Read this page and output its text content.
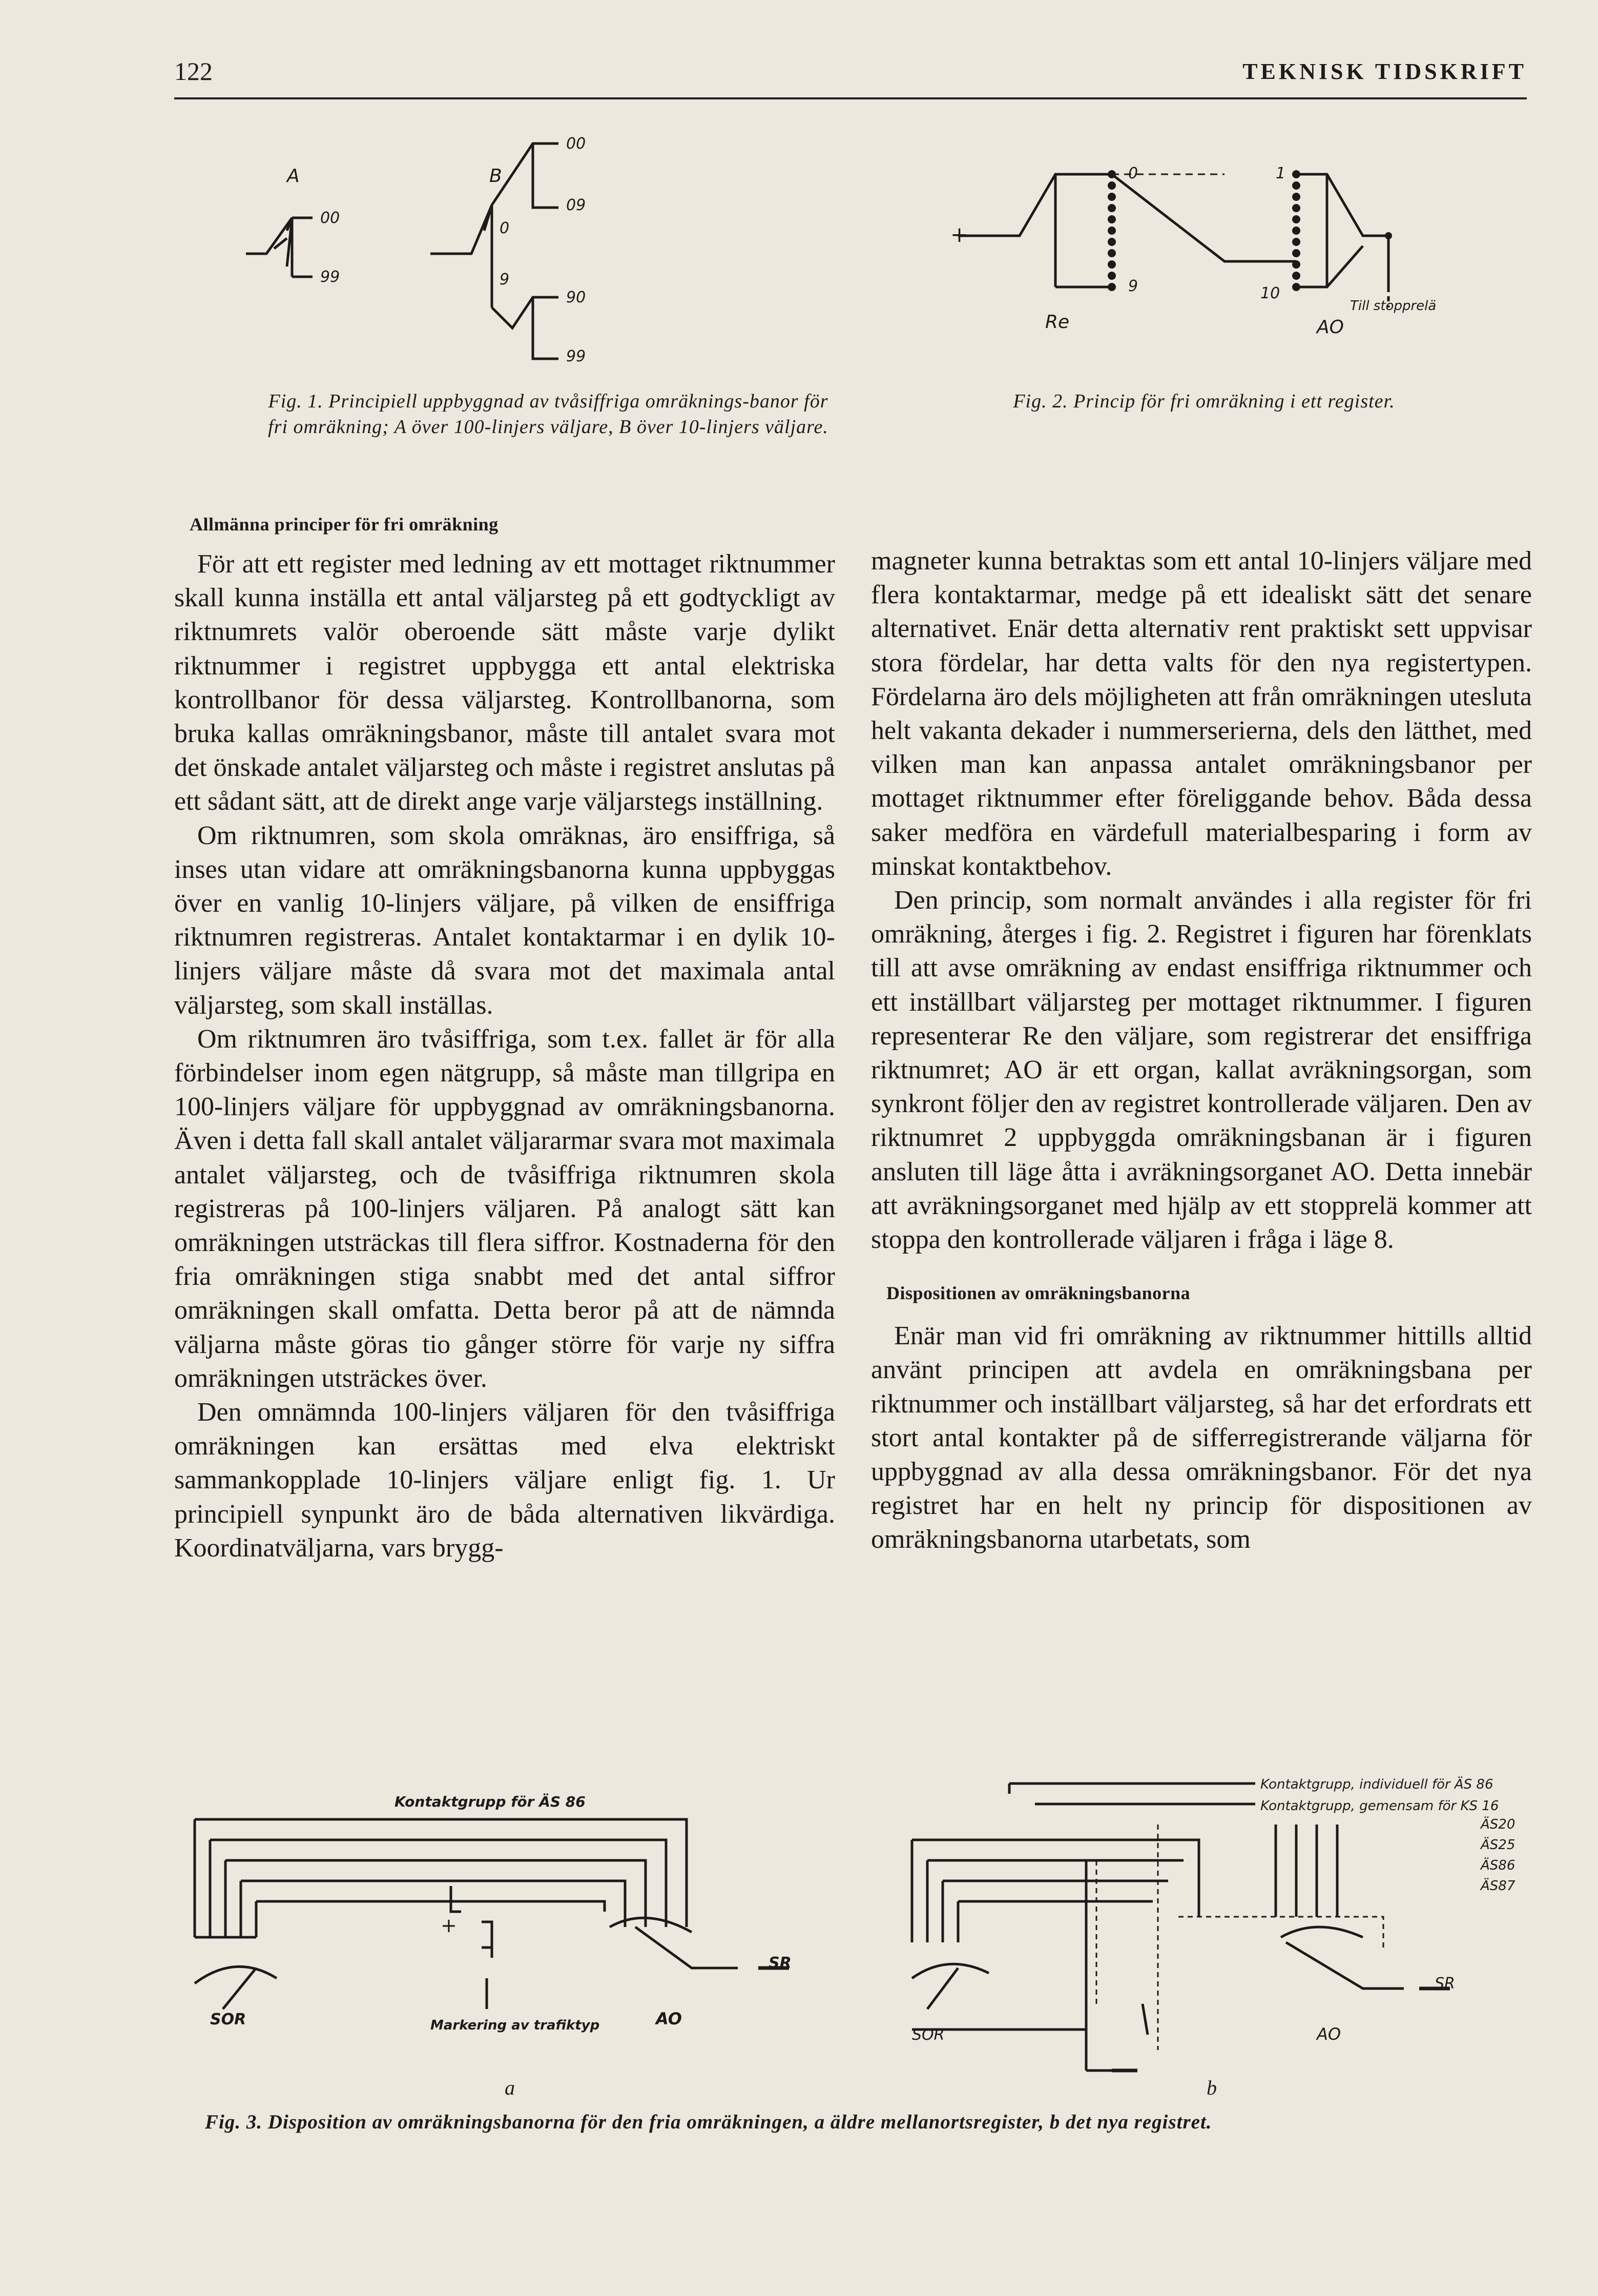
122	TEKNISK TIDSKRIFT
A	B
00
99
0
9
00
09
90
99
Fig. 1. Principiell uppbyggnad av tvåsiffriga omräknings-banor för fri omräkning; A över 100-linjers väljare, B över 10-linjers väljare.
+
Re
0
9
1
10
AO
Till stopprelä
Fig. 2. Princip för fri omräkning i ett register.
Allmänna principer för fri omräkning

För att ett register med ledning av ett mottaget riktnummer skall kunna inställa ett antal väljarsteg på ett godtyckligt av riktnumrets valör oberoende sätt måste varje dylikt riktnummer i registret uppbygga ett antal elektriska kontrollbanor för dessa väljarsteg. Kontrollbanorna, som bruka kallas omräkningsbanor, måste till antalet svara mot det önskade antalet väljarsteg och måste i registret anslutas på ett sådant sätt, att de direkt ange varje väljarstegs inställning.

Om riktnumren, som skola omräknas, äro ensiffriga, så inses utan vidare att omräkningsbanorna kunna uppbyggas över en vanlig 10-linjers väljare, på vilken de ensiffriga riktnumren registreras. Antalet kontaktarmar i en dylik 10-linjers väljare måste då svara mot det maximala antal väljarsteg, som skall inställas.

Om riktnumren äro tvåsiffriga, som t.ex. fallet är för alla förbindelser inom egen nätgrupp, så måste man tillgripa en 100-linjers väljare för uppbyggnad av omräkningsbanorna. Även i detta fall skall antalet väljararmar svara mot maximala antalet väljarsteg, och de tvåsiffriga riktnumren skola registreras på 100-linjers väljaren. På analogt sätt kan omräkningen utsträckas till flera siffror. Kostnaderna för den fria omräkningen stiga snabbt med det antal siffror omräkningen skall omfatta. Detta beror på att de nämnda väljarna måste göras tio gånger större för varje ny siffra omräkningen utsträckes över.

Den omnämnda 100-linjers väljaren för den tvåsiffriga omräkningen kan ersättas med elva elektriskt sammankopplade 10-linjers väljare enligt fig. 1. Ur principiell synpunkt äro de båda alternativen likvärdiga. Koordinatväljarna, vars brygg-

magneter kunna betraktas som ett antal 10-linjers väljare med flera kontaktarmar, medge på ett idealiskt sätt det senare alternativet. Enär detta alternativ rent praktiskt sett uppvisar stora fördelar, har detta valts för den nya registertypen. Fördelarna äro dels möjligheten att från omräkningen utesluta helt vakanta dekader i nummerserierna, dels den lätthet, med vilken man kan anpassa antalet omräkningsbanor per mottaget riktnummer efter föreliggande behov. Båda dessa saker medföra en värdefull materialbesparing i form av minskat kontaktbehov.

Den princip, som normalt användes i alla register för fri omräkning, återges i fig. 2. Registret i figuren har förenklats till att avse omräkning av endast ensiffriga riktnummer och ett inställbart väljarsteg per mottaget riktnummer. I figuren representerar Re den väljare, som registrerar det ensiffriga riktnumret; AO är ett organ, kallat avräkningsorgan, som synkront följer den av registret kontrollerade väljaren. Den av riktnumret 2 uppbyggda omräkningsbanan är i figuren ansluten till läge åtta i avräkningsorganet AO. Detta innebär att avräkningsorganet med hjälp av ett stopprelä kommer att stoppa den kontrollerade väljaren i fråga i läge 8.

Dispositionen av omräkningsbanorna

Enär man vid fri omräkning av riktnummer hittills alltid använt principen att avdela en omräkningsbana per riktnummer och inställbart väljarsteg, så har det erfordrats ett stort antal kontakter på de sifferregistrerande väljarna för uppbyggnad av alla dessa omräkningsbanor. För det nya registret har en helt ny princip för dispositionen av omräkningsbanorna utarbetats, som

Kontaktgrupp för ÄS 86
SOR
+
Markering av trafiktyp	AO
SR
a
Kontaktgrupp, individuell för ÄS 86
Kontaktgrupp, gemensam för KS 16
ÄS20
ÄS25
ÄS86
ÄS87
SOR	AO
SR
b
Fig. 3. Disposition av omräkningsbanorna för den fria omräkningen, a äldre mellanortsregister, b det nya registret.
